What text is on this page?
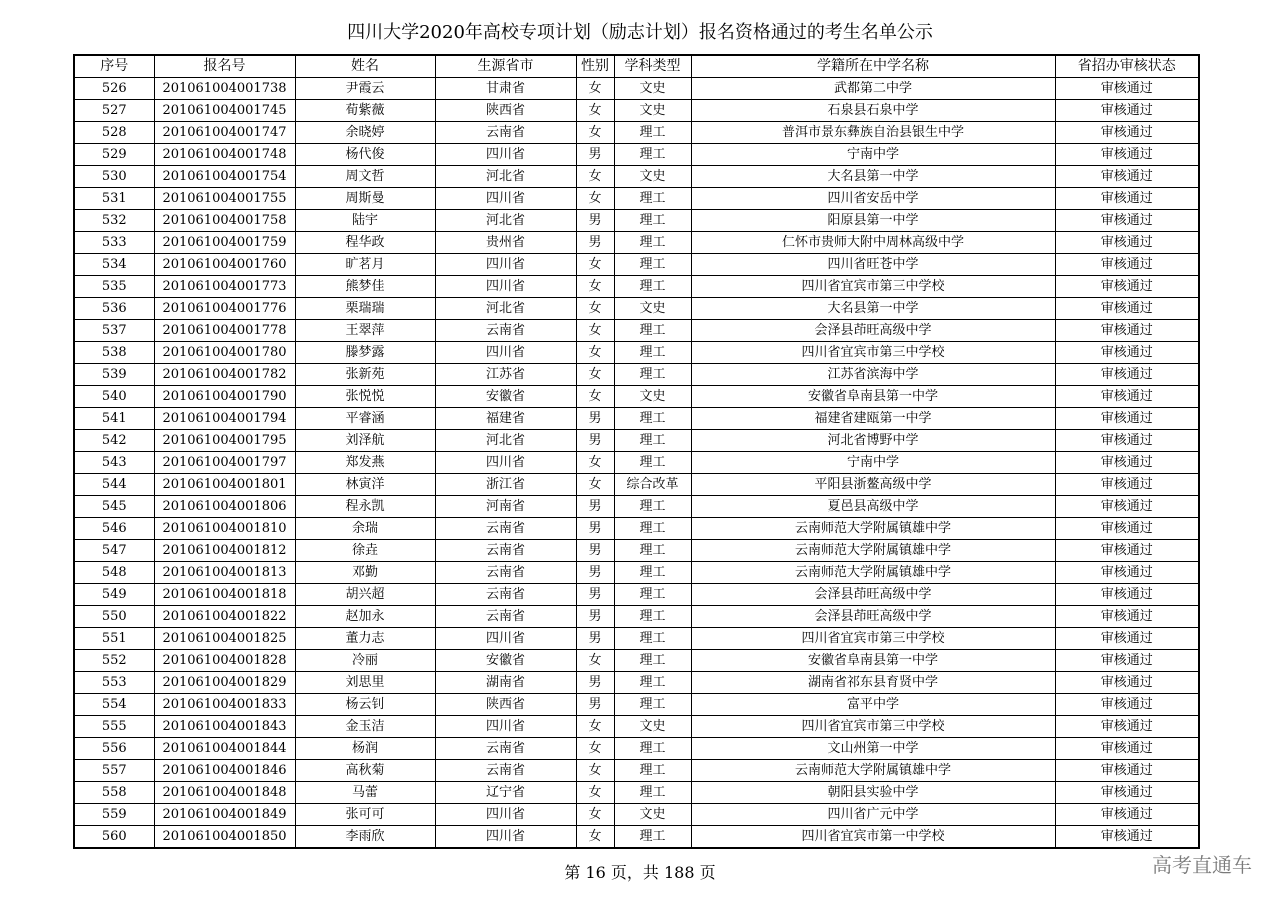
四川大学2020年高校专项计划（励志计划）报名资格通过的考生名单公示
序号	报名号	姓名	生源省市	性别	学科类型	学籍所在中学名称	省招办审核状态
526	201061004001738	尹霞云	甘肃省	女	文史	武都第二中学	审核通过
527	201061004001745	荀紫薇	陕西省	女	文史	石泉县石泉中学	审核通过
528	201061004001747	余晓婷	云南省	女	理工	普洱市景东彝族自治县银生中学	审核通过
529	201061004001748	杨代俊	四川省	男	理工	宁南中学	审核通过
530	201061004001754	周文哲	河北省	女	文史	大名县第一中学	审核通过
531	201061004001755	周斯曼	四川省	女	理工	四川省安岳中学	审核通过
532	201061004001758	陆宇	河北省	男	理工	阳原县第一中学	审核通过
533	201061004001759	程华政	贵州省	男	理工	仁怀市贵师大附中周林高级中学	审核通过
534	201061004001760	旷茗月	四川省	女	理工	四川省旺苍中学	审核通过
535	201061004001773	熊梦佳	四川省	女	理工	四川省宜宾市第三中学校	审核通过
536	201061004001776	栗瑞瑞	河北省	女	文史	大名县第一中学	审核通过
537	201061004001778	王翠萍	云南省	女	理工	会泽县茚旺高级中学	审核通过
538	201061004001780	滕梦露	四川省	女	理工	四川省宜宾市第三中学校	审核通过
539	201061004001782	张新苑	江苏省	女	理工	江苏省滨海中学	审核通过
540	201061004001790	张悦悦	安徽省	女	文史	安徽省阜南县第一中学	审核通过
541	201061004001794	平睿涵	福建省	男	理工	福建省建瓯第一中学	审核通过
542	201061004001795	刘泽航	河北省	男	理工	河北省博野中学	审核通过
543	201061004001797	郑发燕	四川省	女	理工	宁南中学	审核通过
544	201061004001801	林寅洋	浙江省	女	综合改革	平阳县浙鳌高级中学	审核通过
545	201061004001806	程永凯	河南省	男	理工	夏邑县高级中学	审核通过
546	201061004001810	余瑞	云南省	男	理工	云南师范大学附属镇雄中学	审核通过
547	201061004001812	徐垚	云南省	男	理工	云南师范大学附属镇雄中学	审核通过
548	201061004001813	邓勤	云南省	男	理工	云南师范大学附属镇雄中学	审核通过
549	201061004001818	胡兴超	云南省	男	理工	会泽县茚旺高级中学	审核通过
550	201061004001822	赵加永	云南省	男	理工	会泽县茚旺高级中学	审核通过
551	201061004001825	董力志	四川省	男	理工	四川省宜宾市第三中学校	审核通过
552	201061004001828	冷丽	安徽省	女	理工	安徽省阜南县第一中学	审核通过
553	201061004001829	刘思里	湖南省	男	理工	湖南省祁东县育贤中学	审核通过
554	201061004001833	杨云钊	陕西省	男	理工	富平中学	审核通过
555	201061004001843	金玉洁	四川省	女	文史	四川省宜宾市第三中学校	审核通过
556	201061004001844	杨润	云南省	女	理工	文山州第一中学	审核通过
557	201061004001846	高秋菊	云南省	女	理工	云南师范大学附属镇雄中学	审核通过
558	201061004001848	马蕾	辽宁省	女	理工	朝阳县实验中学	审核通过
559	201061004001849	张可可	四川省	女	文史	四川省广元中学	审核通过
560	201061004001850	李雨欣	四川省	女	理工	四川省宜宾市第一中学校	审核通过
第 16 页，共 188 页	高考直通车
